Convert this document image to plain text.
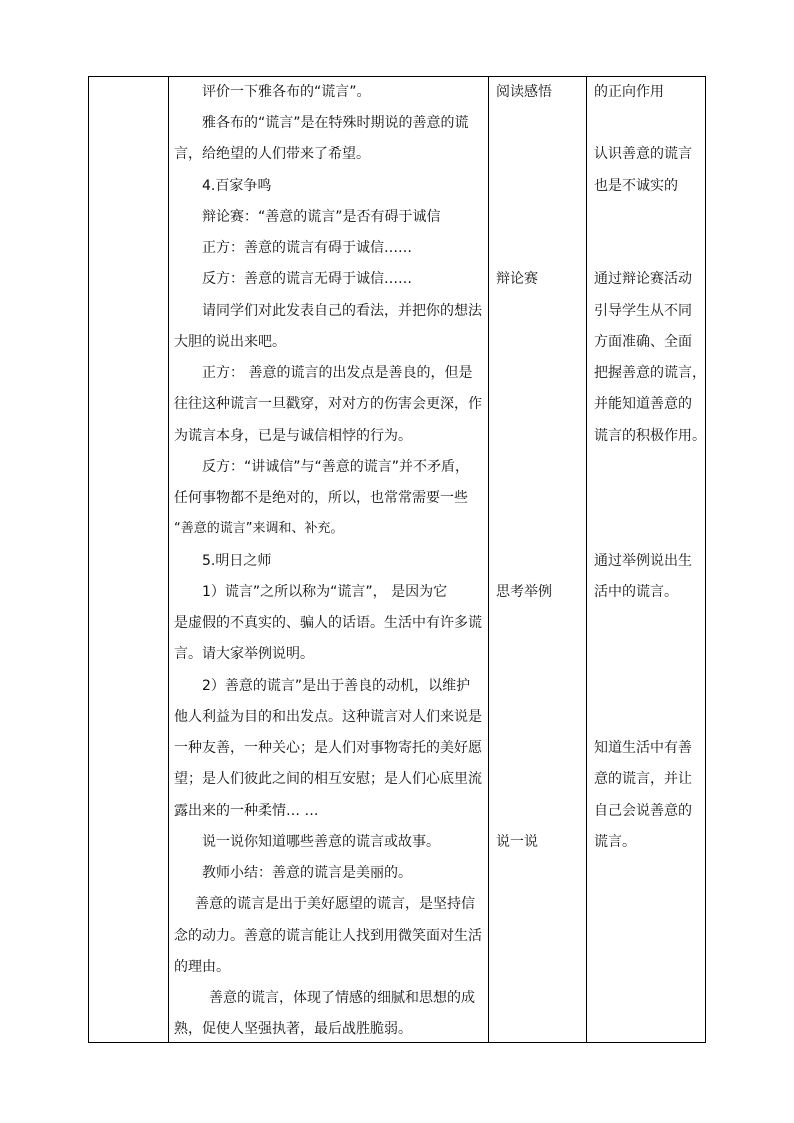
评价一下雅各布的“谎言”。
雅各布的“谎言”是在特殊时期说的善意的谎
言，给绝望的人们带来了希望。
4.百家争鸣
辩论赛：“善意的谎言”是否有碍于诚信
正方：善意的谎言有碍于诚信……
反方：善意的谎言无碍于诚信……
请同学们对此发表自己的看法，并把你的想法
大胆的说出来吧。
正方： 善意的谎言的出发点是善良的，但是
往往这种谎言一旦戳穿，对对方的伤害会更深，作
为谎言本身，已是与诚信相悖的行为。
反方：“讲诚信”与“善意的谎言”并不矛盾，
任何事物都不是绝对的，所以，也常常需要一些
“善意的谎言”来调和、补充。
5.明日之师
1）谎言”之所以称为“谎言”， 是因为它
是虚假的不真实的、骗人的话语。生活中有许多谎
言。请大家举例说明。
2）善意的谎言”是出于善良的动机，以维护
他人利益为目的和出发点。这种谎言对人们来说是
一种友善，一种关心；是人们对事物寄托的美好愿
望；是人们彼此之间的相互安慰；是人们心底里流
露出来的一种柔情… …
说一说你知道哪些善意的谎言或故事。
教师小结：善意的谎言是美丽的。
善意的谎言是出于美好愿望的谎言，是坚持信
念的动力。善意的谎言能让人找到用微笑面对生活
的理由。
善意的谎言，体现了情感的细腻和思想的成
熟，促使人坚强执著，最后战胜脆弱。
阅读感悟
辩论赛
思考举例
说一说
的正向作用
认识善意的谎言
也是不诚实的
通过辩论赛活动
引导学生从不同
方面准确、全面
把握善意的谎言，
并能知道善意的
谎言的积极作用。
通过举例说出生
活中的谎言。
知道生活中有善
意的谎言，并让
自己会说善意的
谎言。
